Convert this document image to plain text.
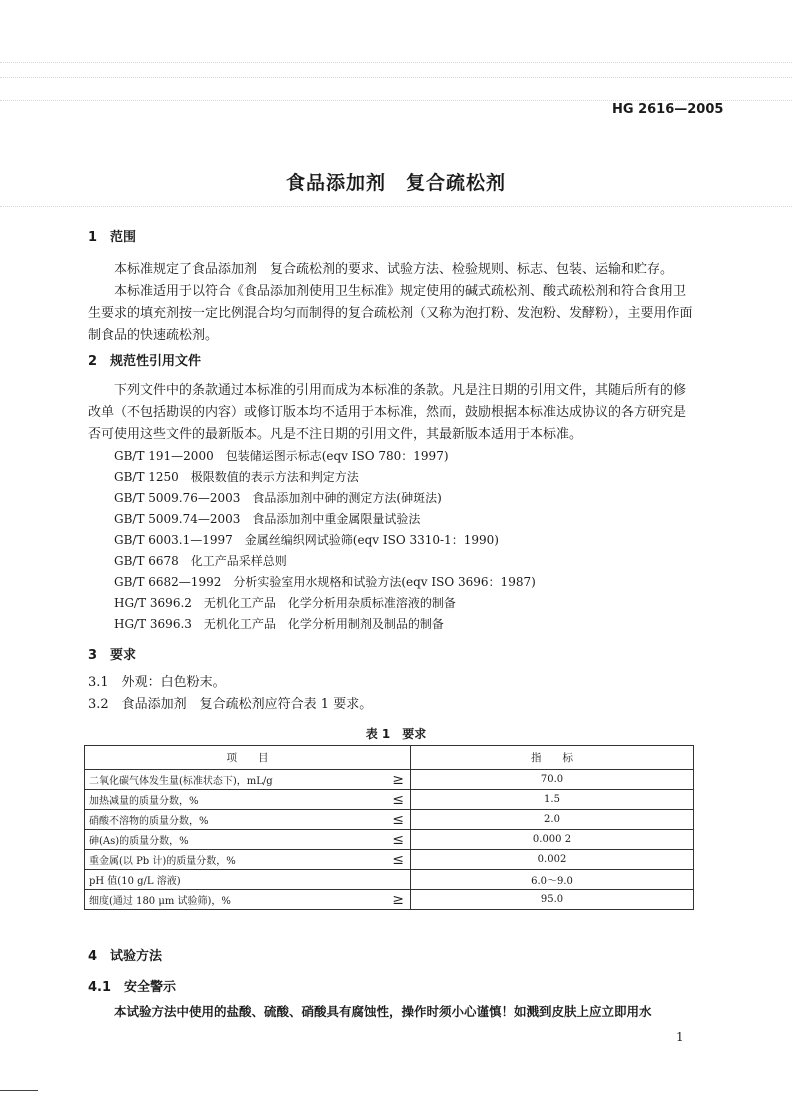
HG 2616—2005
食品添加剂　复合疏松剂
1　范围
本标准规定了食品添加剂　复合疏松剂的要求、试验方法、检验规则、标志、包装、运输和贮存。
本标准适用于以符合《食品添加剂使用卫生标准》规定使用的碱式疏松剂、酸式疏松剂和符合食用卫生要求的填充剂按一定比例混合均匀而制得的复合疏松剂（又称为泡打粉、发泡粉、发酵粉），主要用作面制食品的快速疏松剂。
2　规范性引用文件
下列文件中的条款通过本标准的引用而成为本标准的条款。凡是注日期的引用文件，其随后所有的修改单（不包括勘误的内容）或修订版本均不适用于本标准，然而，鼓励根据本标准达成协议的各方研究是否可使用这些文件的最新版本。凡是不注日期的引用文件，其最新版本适用于本标准。
GB/T 191—2000　包装储运图示标志(eqv ISO 780：1997)
GB/T 1250　极限数值的表示方法和判定方法
GB/T 5009.76—2003　食品添加剂中砷的测定方法(砷斑法)
GB/T 5009.74—2003　食品添加剂中重金属限量试验法
GB/T 6003.1—1997　金属丝编织网试验筛(eqv ISO 3310-1：1990)
GB/T 6678　化工产品采样总则
GB/T 6682—1992　分析实验室用水规格和试验方法(eqv ISO 3696：1987)
HG/T 3696.2　无机化工产品　化学分析用杂质标准溶液的制备
HG/T 3696.3　无机化工产品　化学分析用制剂及制品的制备
3　要求
3.1　外观：白色粉末。
3.2　食品添加剂　复合疏松剂应符合表 1 要求。
表 1　要求
项　　目		指　　标
二氧化碳气体发生量(标准状态下)，mL/g	≥	70.0
加热减量的质量分数，%	≤	1.5
硝酸不溶物的质量分数，%	≤	2.0
砷(As)的质量分数，%	≤	0.000 2
重金属(以 Pb 计)的质量分数，%	≤	0.002
pH 值(10 g/L 溶液)		6.0～9.0
细度(通过 180 μm 试验筛)，%	≥	95.0
4　试验方法
4.1　安全警示
本试验方法中使用的盐酸、硫酸、硝酸具有腐蚀性，操作时须小心谨慎！如溅到皮肤上应立即用水
1
